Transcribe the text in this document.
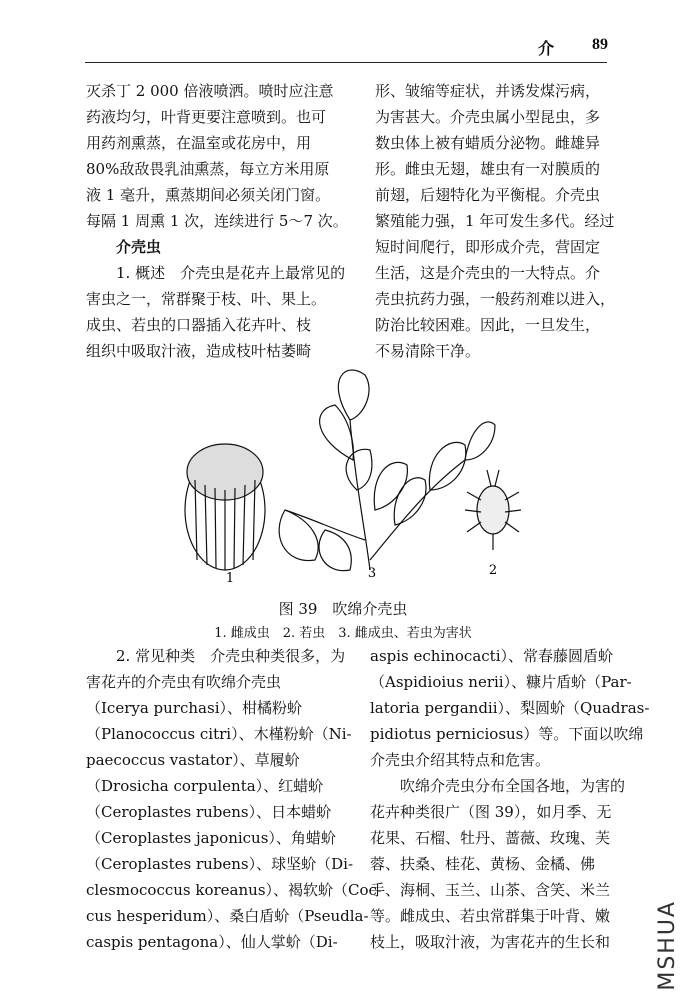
介 89

灭杀丁 2 000 倍液喷洒。喷时应注意

药液均匀，叶背更要注意喷到。也可

用药剂熏蒸，在温室或花房中，用

80%敌敌畏乳油熏蒸，每立方米用原

液 1 毫升，熏蒸期间必须关闭门窗。

每隔 1 周熏 1 次，连续进行 5～7 次。

介壳虫

1. 概述　介壳虫是花卉上最常见的

害虫之一，常群聚于枝、叶、果上。

成虫、若虫的口器插入花卉叶、枝

组织中吸取汁液，造成枝叶枯萎畸

形、皱缩等症状，并诱发煤污病，

为害甚大。介壳虫属小型昆虫，多

数虫体上被有蜡质分泌物。雌雄异

形。雌虫无翅，雄虫有一对膜质的

前翅，后翅特化为平衡棍。介壳虫

繁殖能力强，1 年可发生多代。经过

短时间爬行，即形成介壳，营固定

生活，这是介壳虫的一大特点。介

壳虫抗药力强，一般药剂难以进入，

防治比较困难。因此，一旦发生，

不易清除干净。

1
2
3
图 39　吹绵介壳虫
1. 雌成虫　2. 若虫　3. 雌成虫、若虫为害状

2. 常见种类　介壳虫种类很多，为

害花卉的介壳虫有吹绵介壳虫

（Icerya purchasi）、柑橘粉蚧

（Planococcus citri）、木槿粉蚧（Ni-

paecoccus vastator）、草履蚧

（Drosicha corpulenta）、红蜡蚧

（Ceroplastes rubens）、日本蜡蚧

（Ceroplastes japonicus）、角蜡蚧

（Ceroplastes rubens）、球坚蚧（Di-

clesmococcus koreanus）、褐软蚧（Coc-

cus hesperidum）、桑白盾蚧（Pseudla-

caspis pentagona）、仙人掌蚧（Di-

aspis echinocacti）、常春藤圆盾蚧

（Aspidioius nerii）、糠片盾蚧（Par-

latoria pergandii）、梨圆蚧（Quadras-

pidiotus perniciosus）等。下面以吹绵

介壳虫介绍其特点和危害。

吹绵介壳虫分布全国各地，为害的

花卉种类很广（图 39），如月季、无

花果、石榴、牡丹、蔷薇、玫瑰、芙

蓉、扶桑、桂花、黄杨、金橘、佛

手、海桐、玉兰、山茶、含笑、米兰

等。雌成虫、若虫常群集于叶背、嫩

枝上，吸取汁液，为害花卉的生长和	MSHUA
